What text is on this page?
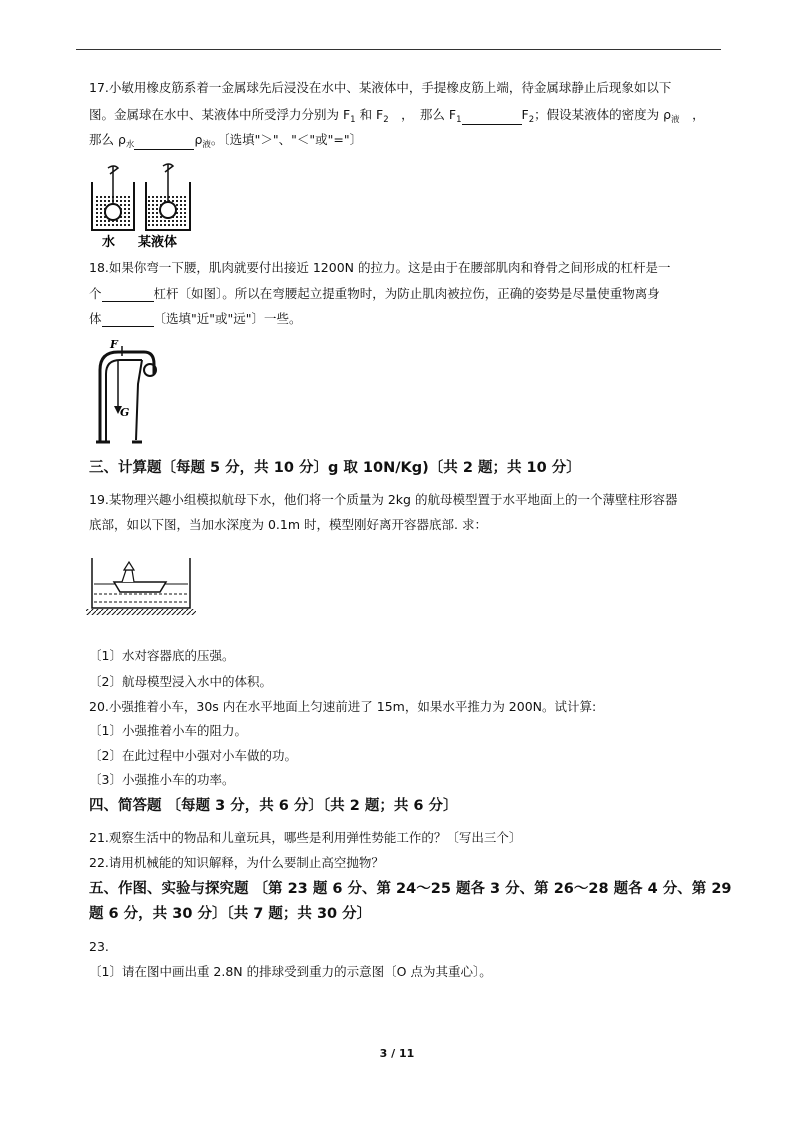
17.小敏用橡皮筋系着一金属球先后浸没在水中、某液体中，手提橡皮筋上端，待金属球静止后现象如以下
图。金属球在水中、某液体中所受浮力分别为 $F_1$ 和 $F_2$　，　那么 $F_1$	$F_2$；假设某液体的密度为 $\rho_液$　，
那么 $\rho_水$	$\rho_液$。〔选填"＞"、"＜"或"="〕
水 某液体
18.如果你弯一下腰，肌肉就要付出接近 1200N 的拉力。这是由于在腰部肌肉和脊骨之间形成的杠杆是一
个	杠杆〔如图〕。所以在弯腰起立提重物时，为防止肌肉被拉伤，正确的姿势是尽量使重物离身
体	〔选填"近"或"远"〕一些。
F
G
三、计算题〔每题 5 分，共 10 分〕g 取 10N/Kg)〔共 2 题；共 10 分〕
19.某物理兴趣小组模拟航母下水，他们将一个质量为 2kg 的航母模型置于水平地面上的一个薄壁柱形容器
底部，如以下图，当加水深度为 0.1m 时，模型刚好离开容器底部. 求：
〔1〕水对容器底的压强。
〔2〕航母模型浸入水中的体积。
20.小强推着小车，30s 内在水平地面上匀速前进了 15m，如果水平推力为 200N。试计算:
〔1〕小强推着小车的阻力。
〔2〕在此过程中小强对小车做的功。
〔3〕小强推小车的功率。
四、简答题 〔每题 3 分，共 6 分〕〔共 2 题；共 6 分〕
21.观察生活中的物品和儿童玩具，哪些是利用弹性势能工作的？〔写出三个〕
22.请用机械能的知识解释，为什么要制止高空抛物？
五、作图、实验与探究题 〔第 23 题 6 分、第 24～25 题各 3 分、第 26～28 题各 4 分、第 29
题 6 分，共 30 分〕〔共 7 题；共 30 分〕
23.
〔1〕请在图中画出重 2.8N 的排球受到重力的示意图〔O 点为其重心〕。
3 / 11
